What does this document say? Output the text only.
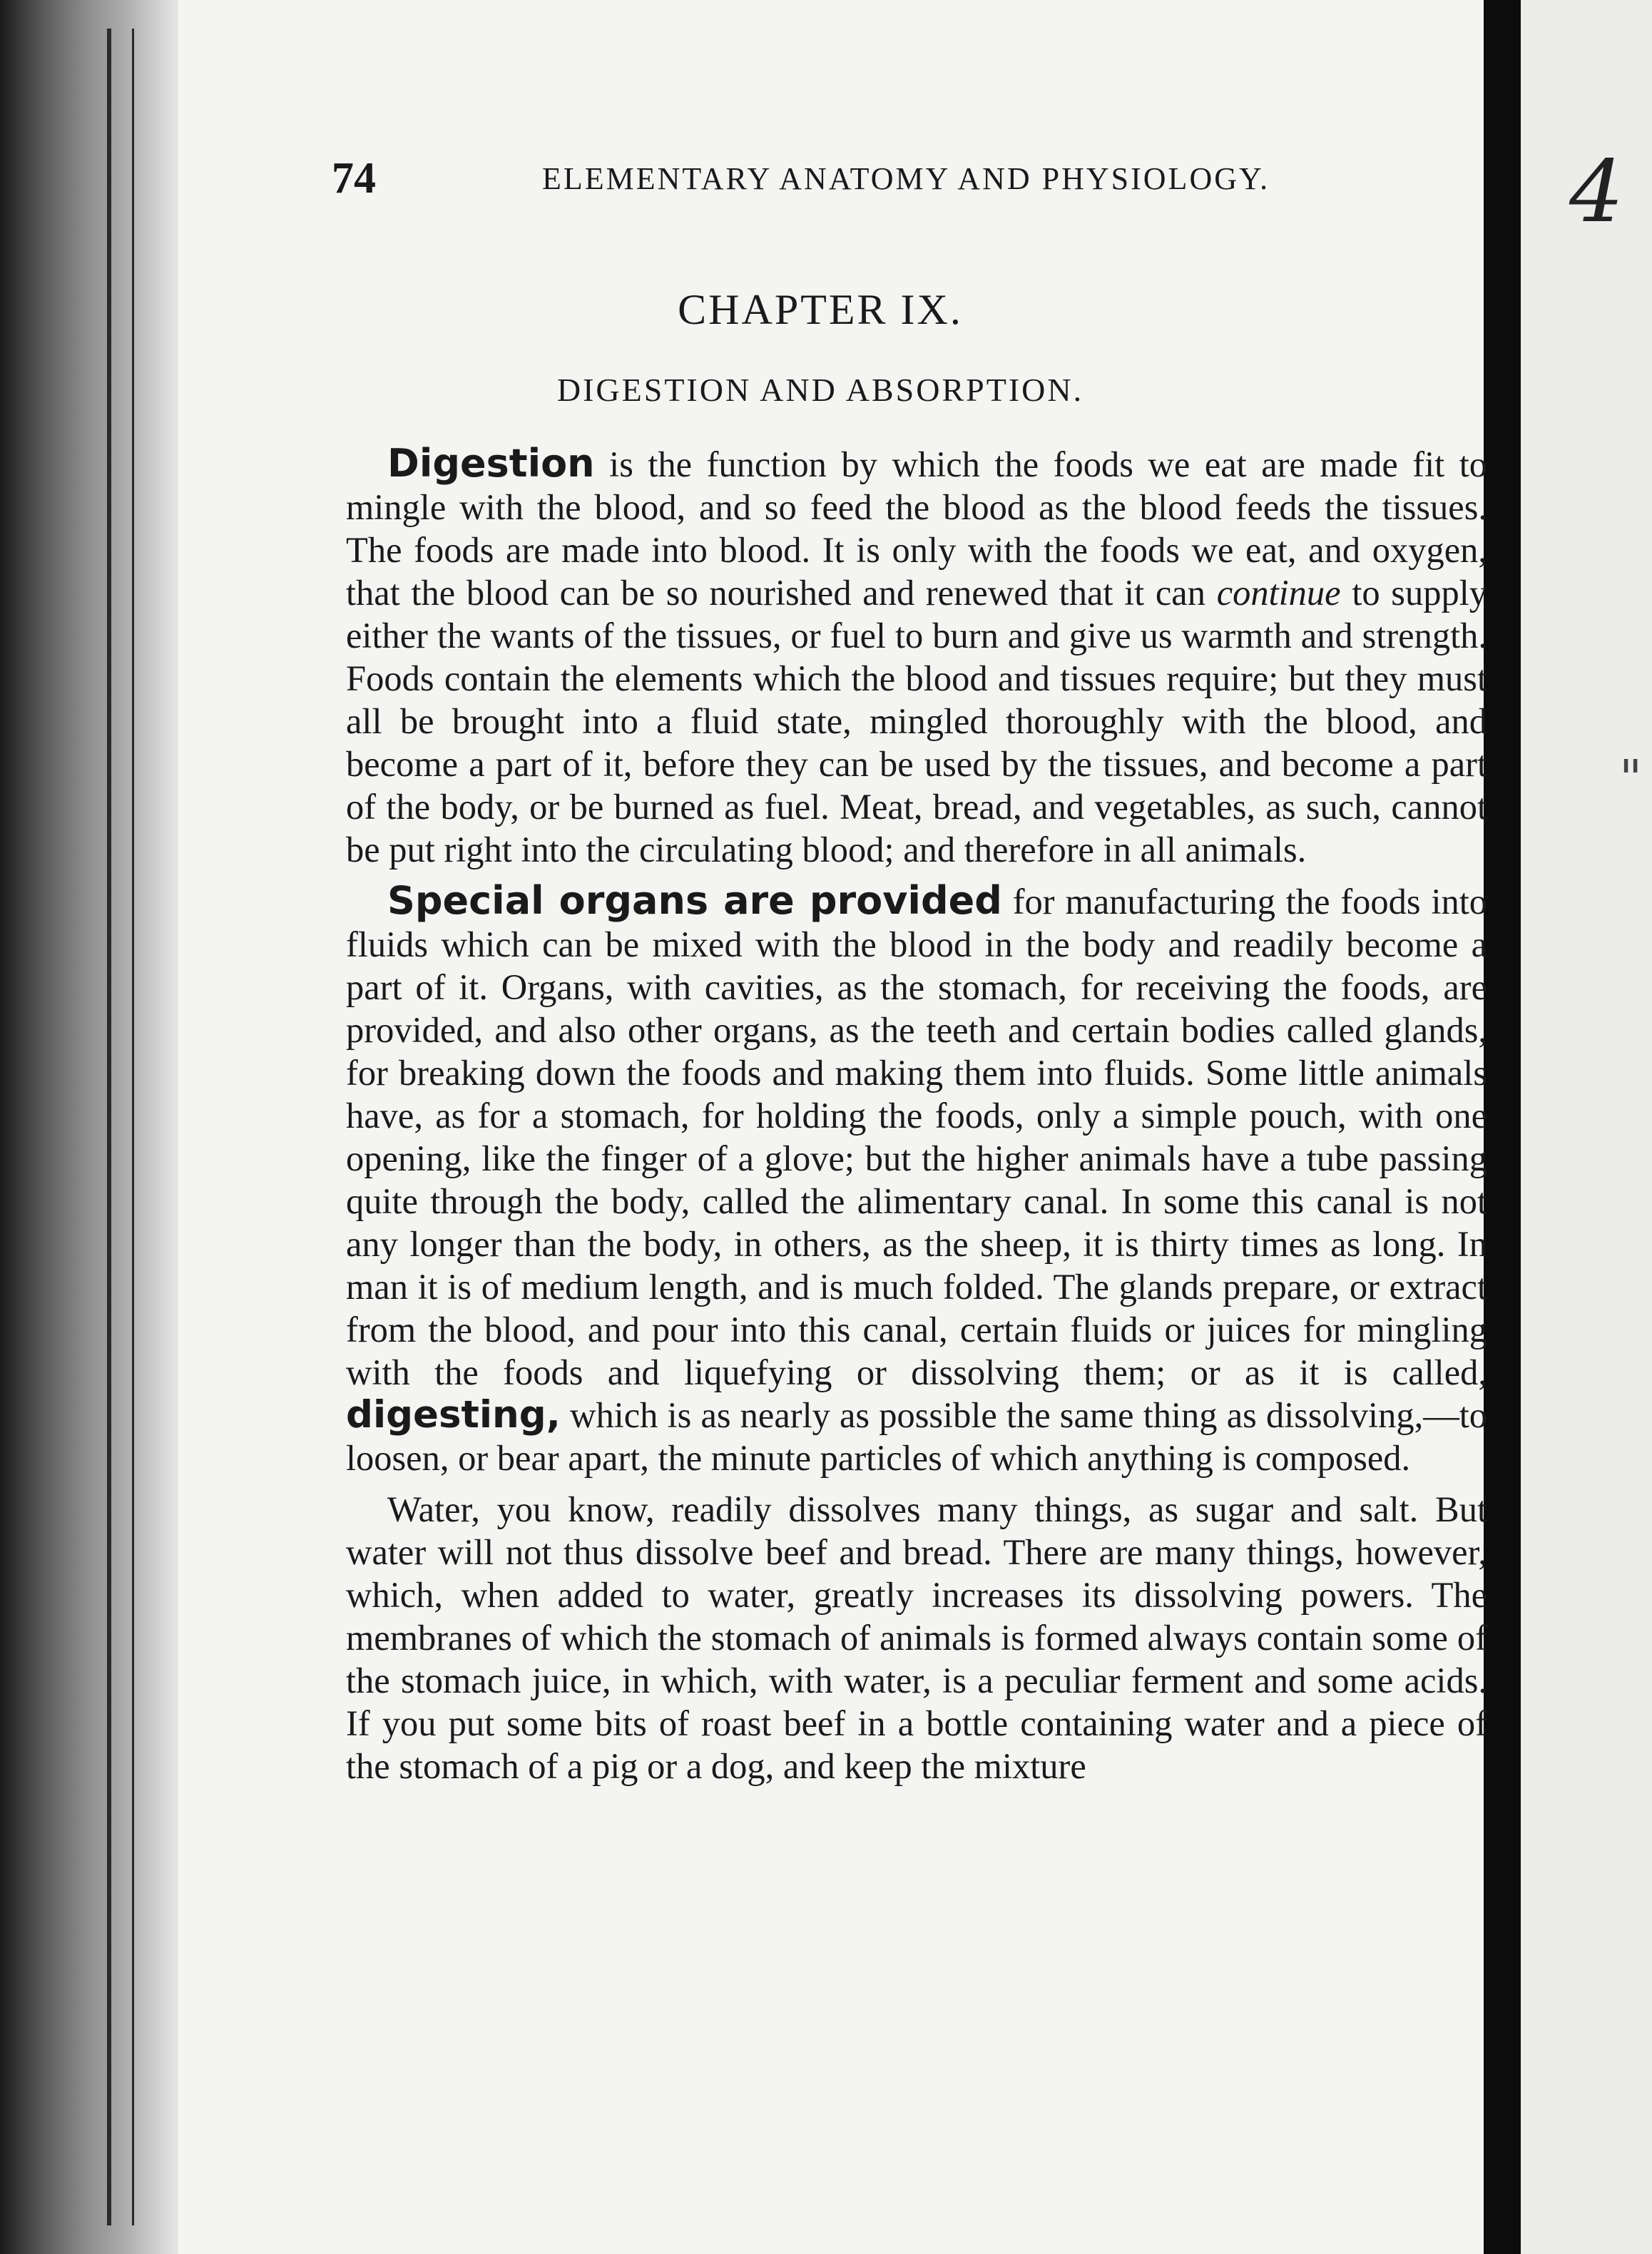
4
"
74	ELEMENTARY ANATOMY AND PHYSIOLOGY.
CHAPTER IX.
DIGESTION AND ABSORPTION.

Digestion is the function by which the foods we eat are made fit to mingle with the blood, and so feed the blood as the blood feeds the tissues. The foods are made into blood. It is only with the foods we eat, and oxygen, that the blood can be so nourished and renewed that it can continue to supply either the wants of the tissues, or fuel to burn and give us warmth and strength. Foods contain the elements which the blood and tissues require; but they must all be brought into a fluid state, mingled thoroughly with the blood, and become a part of it, before they can be used by the tissues, and become a part of the body, or be burned as fuel. Meat, bread, and vegetables, as such, cannot be put right into the circulating blood; and therefore in all animals.

Special organs are provided for manufacturing the foods into fluids which can be mixed with the blood in the body and readily become a part of it. Organs, with cavities, as the stomach, for receiving the foods, are provided, and also other organs, as the teeth and certain bodies called glands, for breaking down the foods and making them into fluids. Some little animals have, as for a stomach, for holding the foods, only a simple pouch, with one opening, like the finger of a glove; but the higher animals have a tube passing quite through the body, called the alimentary canal. In some this canal is not any longer than the body, in others, as the sheep, it is thirty times as long. In man it is of medium length, and is much folded. The glands prepare, or extract from the blood, and pour into this canal, certain fluids or juices for mingling with the foods and liquefying or dissolving them; or as it is called, digesting, which is as nearly as possible the same thing as dissolving,—to loosen, or bear apart, the minute particles of which anything is composed.

Water, you know, readily dissolves many things, as sugar and salt. But water will not thus dissolve beef and bread. There are many things, however, which, when added to water, greatly increases its dissolving powers. The membranes of which the stomach of animals is formed always contain some of the stomach juice, in which, with water, is a peculiar ferment and some acids. If you put some bits of roast beef in a bottle containing water and a piece of the stomach of a pig or a dog, and keep the mixture
